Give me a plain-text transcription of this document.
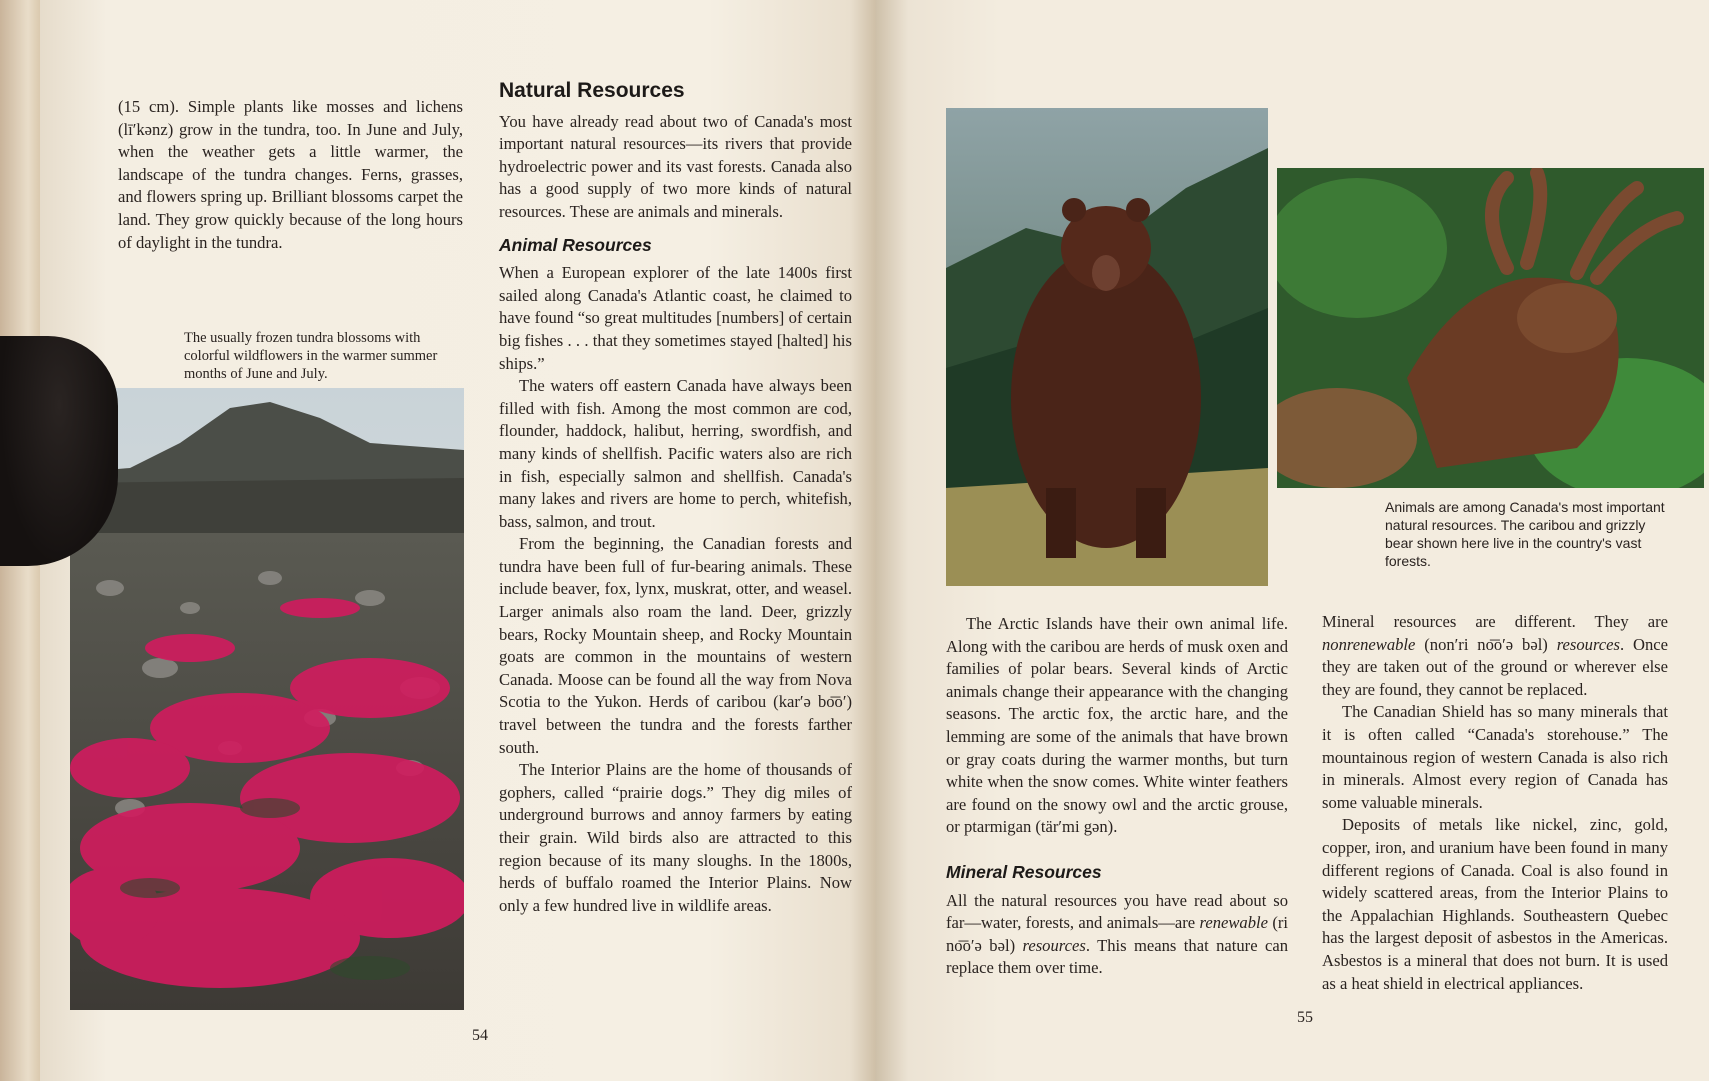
(15 cm). Simple plants like mosses and lichens (lī′kənz) grow in the tundra, too. In June and July, when the weather gets a little warmer, the landscape of the tundra changes. Ferns, grasses, and flowers spring up. Brilliant blossoms carpet the land. They grow quickly because of the long hours of daylight in the tundra.

The usually frozen tundra blossoms with colorful wildflowers in the warmer summer months of June and July.
Natural Resources

You have already read about two of Canada's most important natural resources—its rivers that provide hydroelectric power and its vast forests. Canada also has a good supply of two more kinds of natural resources. These are animals and minerals.

Animal Resources

When a European explorer of the late 1400s first sailed along Canada's Atlantic coast, he claimed to have found “so great multitudes [numbers] of certain big fishes . . . that they sometimes stayed [halted] his ships.”

The waters off eastern Canada have always been filled with fish. Among the most common are cod, flounder, haddock, halibut, herring, swordfish, and many kinds of shellfish. Pacific waters also are rich in fish, especially salmon and shellfish. Canada's many lakes and rivers are home to perch, whitefish, bass, salmon, and trout.

From the beginning, the Canadian forests and tundra have been full of fur-bearing animals. These include beaver, fox, lynx, muskrat, otter, and weasel. Larger animals also roam the land. Deer, grizzly bears, Rocky Mountain sheep, and Rocky Mountain goats are common in the mountains of western Canada. Moose can be found all the way from Nova Scotia to the Yukon. Herds of caribou (kar′ə bo͞o′) travel between the tundra and the forests farther south.

The Interior Plains are the home of thousands of gophers, called “prairie dogs.” They dig miles of underground burrows and annoy farmers by eating their grain. Wild birds also are attracted to this region because of its many sloughs. In the 1800s, herds of buffalo roamed the Interior Plains. Now only a few hundred live in wildlife areas.

54
Animals are among Canada's most important natural resources. The caribou and grizzly bear shown here live in the country's vast forests.

The Arctic Islands have their own animal life. Along with the caribou are herds of musk oxen and families of polar bears. Several kinds of Arctic animals change their appearance with the changing seasons. The arctic fox, the arctic hare, and the lemming are some of the animals that have brown or gray coats during the warmer months, but turn white when the snow comes. White winter feathers are found on the snowy owl and the arctic grouse, or ptarmigan (tär′mi gən).

Mineral Resources

All the natural resources you have read about so far—water, forests, and animals—are renewable (ri no͞o′ə bəl) resources. This means that nature can replace them over time.

Mineral resources are different. They are nonrenewable (non′ri no͞o′ə bəl) resources. Once they are taken out of the ground or wherever else they are found, they cannot be replaced.

The Canadian Shield has so many minerals that it is often called “Canada's storehouse.” The mountainous region of western Canada is also rich in minerals. Almost every region of Canada has some valuable minerals.

Deposits of metals like nickel, zinc, gold, copper, iron, and uranium have been found in many different regions of Canada. Coal is also found in widely scattered areas, from the Interior Plains to the Appalachian Highlands. Southeastern Quebec has the largest deposit of asbestos in the Americas. Asbestos is a mineral that does not burn. It is used as a heat shield in electrical appliances.

55
